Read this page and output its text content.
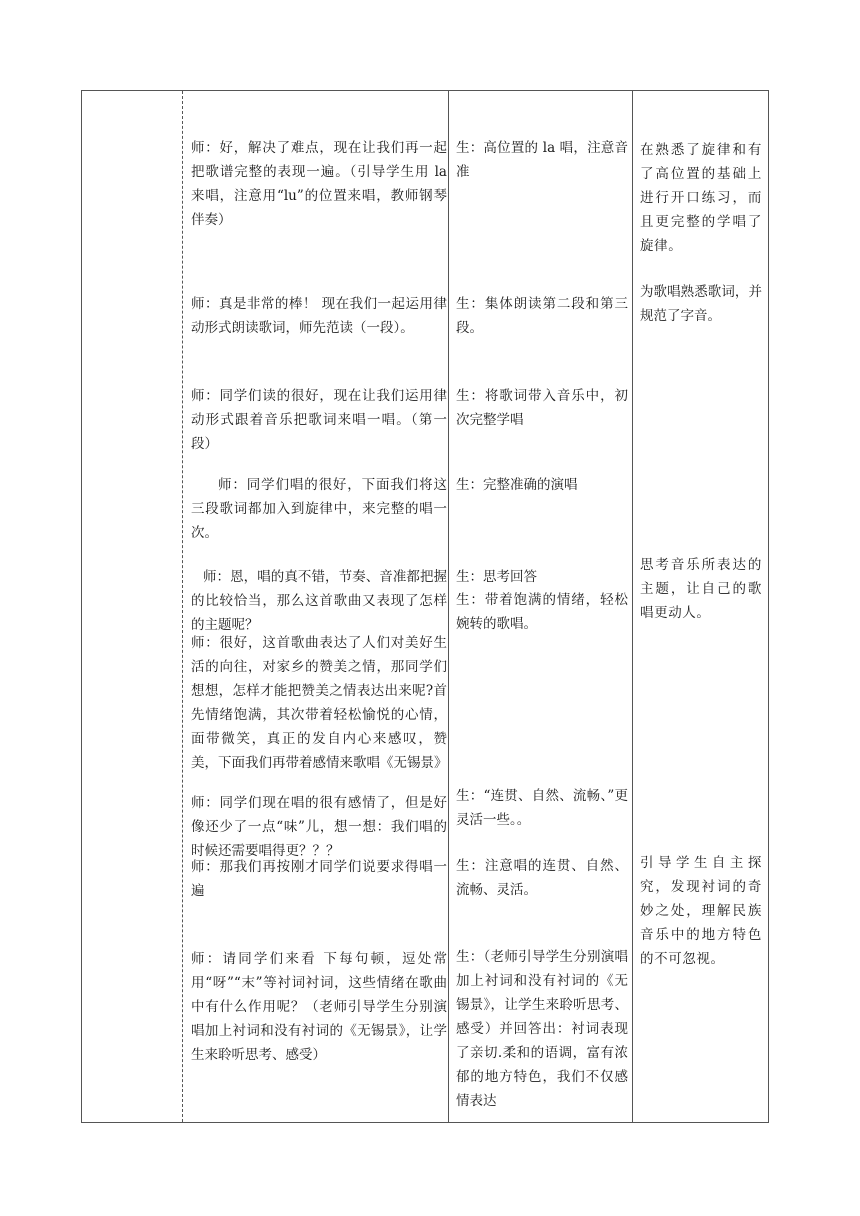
师：好，解决了难点，现在让我们再一起把歌谱完整的表现一遍。（引导学生用 la 来唱，注意用“lu”的位置来唱，教师钢琴伴奏）

师：真是非常的棒！ 现在我们一起运用律动形式朗读歌词，师先范读（一段）。

师：同学们读的很好，现在让我们运用律动形式跟着音乐把歌词来唱一唱。（第一段）

师：同学们唱的很好，下面我们将这三段歌词都加入到旋律中，来完整的唱一次。

师：恩，唱的真不错，节奏、音准都把握的比较恰当，那么这首歌曲又表现了怎样的主题呢？

师：很好，这首歌曲表达了人们对美好生活的向往，对家乡的赞美之情，那同学们想想，怎样才能把赞美之情表达出来呢?首先情绪饱满，其次带着轻松愉悦的心情，面带微笑，真正的发自内心来感叹，赞美，下面我们再带着感情来歌唱《无锡景》

师：同学们现在唱的很有感情了，但是好像还少了一点“味”儿，想一想：我们唱的时候还需要唱得更？？？

师：那我们再按刚才同学们说要求得唱一遍

师：请同学们来看 下每句顿，逗处常用“呀”“末”等衬词衬词，这些情绪在歌曲中有什么作用呢？（老师引导学生分别演唱加上衬词和没有衬词的《无锡景》，让学生来聆听思考、感受）

生：高位置的 la 唱，注意音准

生：集体朗读第二段和第三段。

生：将歌词带入音乐中，初次完整学唱

生：完整准确的演唱

生：思考回答

生：带着饱满的情绪，轻松婉转的歌唱。

生：“连贯、自然、流畅、”更灵活一些。。

生：注意唱的连贯、自然、流畅、灵活。

生：（老师引导学生分别演唱加上衬词和没有衬词的《无锡景》，让学生来聆听思考、感受）并回答出：衬词表现了亲切.柔和的语调，富有浓郁的地方特色，我们不仅感情表达

在熟悉了旋律和有了高位置的基础上进行开口练习，而且更完整的学唱了旋律。

为歌唱熟悉歌词，并规范了字音。

思考音乐所表达的主题，让自己的歌唱更动人。

引导学生自主探究，发现衬词的奇妙之处，理解民族音乐中的地方特色的不可忽视。
